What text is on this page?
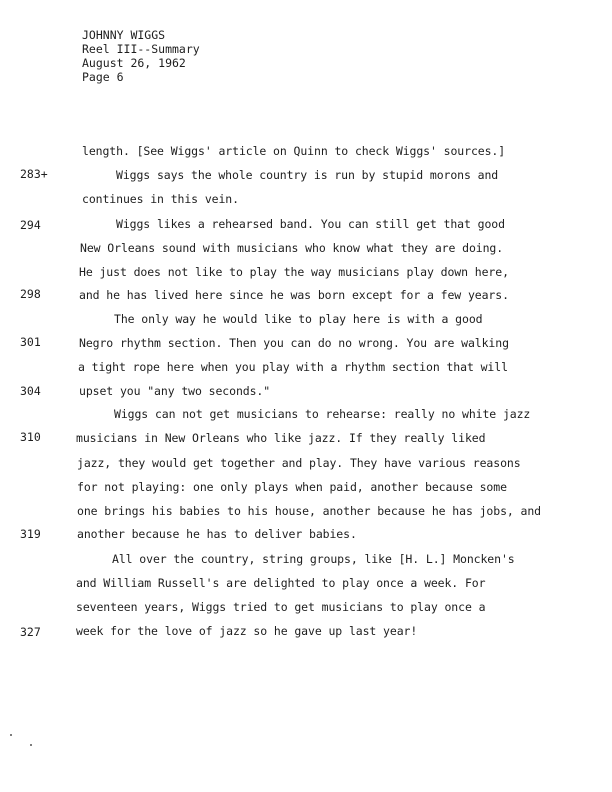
JOHNNY WIGGS
Reel III--Summary
August 26, 1962
Page 6
283+
294
298
301
304
310
319
327
length. [See Wiggs' article on Quinn to check Wiggs' sources.]
Wiggs says the whole country is run by stupid morons and
continues in this vein.
Wiggs likes a rehearsed band. You can still get that good
New Orleans sound with musicians who know what they are doing.
He just does not like to play the way musicians play down here,
and he has lived here since he was born except for a few years.
The only way he would like to play here is with a good
Negro rhythm section. Then you can do no wrong. You are walking
a tight rope here when you play with a rhythm section that will
upset you "any two seconds."
Wiggs can not get musicians to rehearse: really no white jazz
musicians in New Orleans who like jazz. If they really liked
jazz, they would get together and play. They have various reasons
for not playing: one only plays when paid, another because some
one brings his babies to his house, another because he has jobs, and
another because he has to deliver babies.
All over the country, string groups, like [H. L.] Moncken's
and William Russell's are delighted to play once a week. For
seventeen years, Wiggs tried to get musicians to play once a
week for the love of jazz so he gave up last year!
